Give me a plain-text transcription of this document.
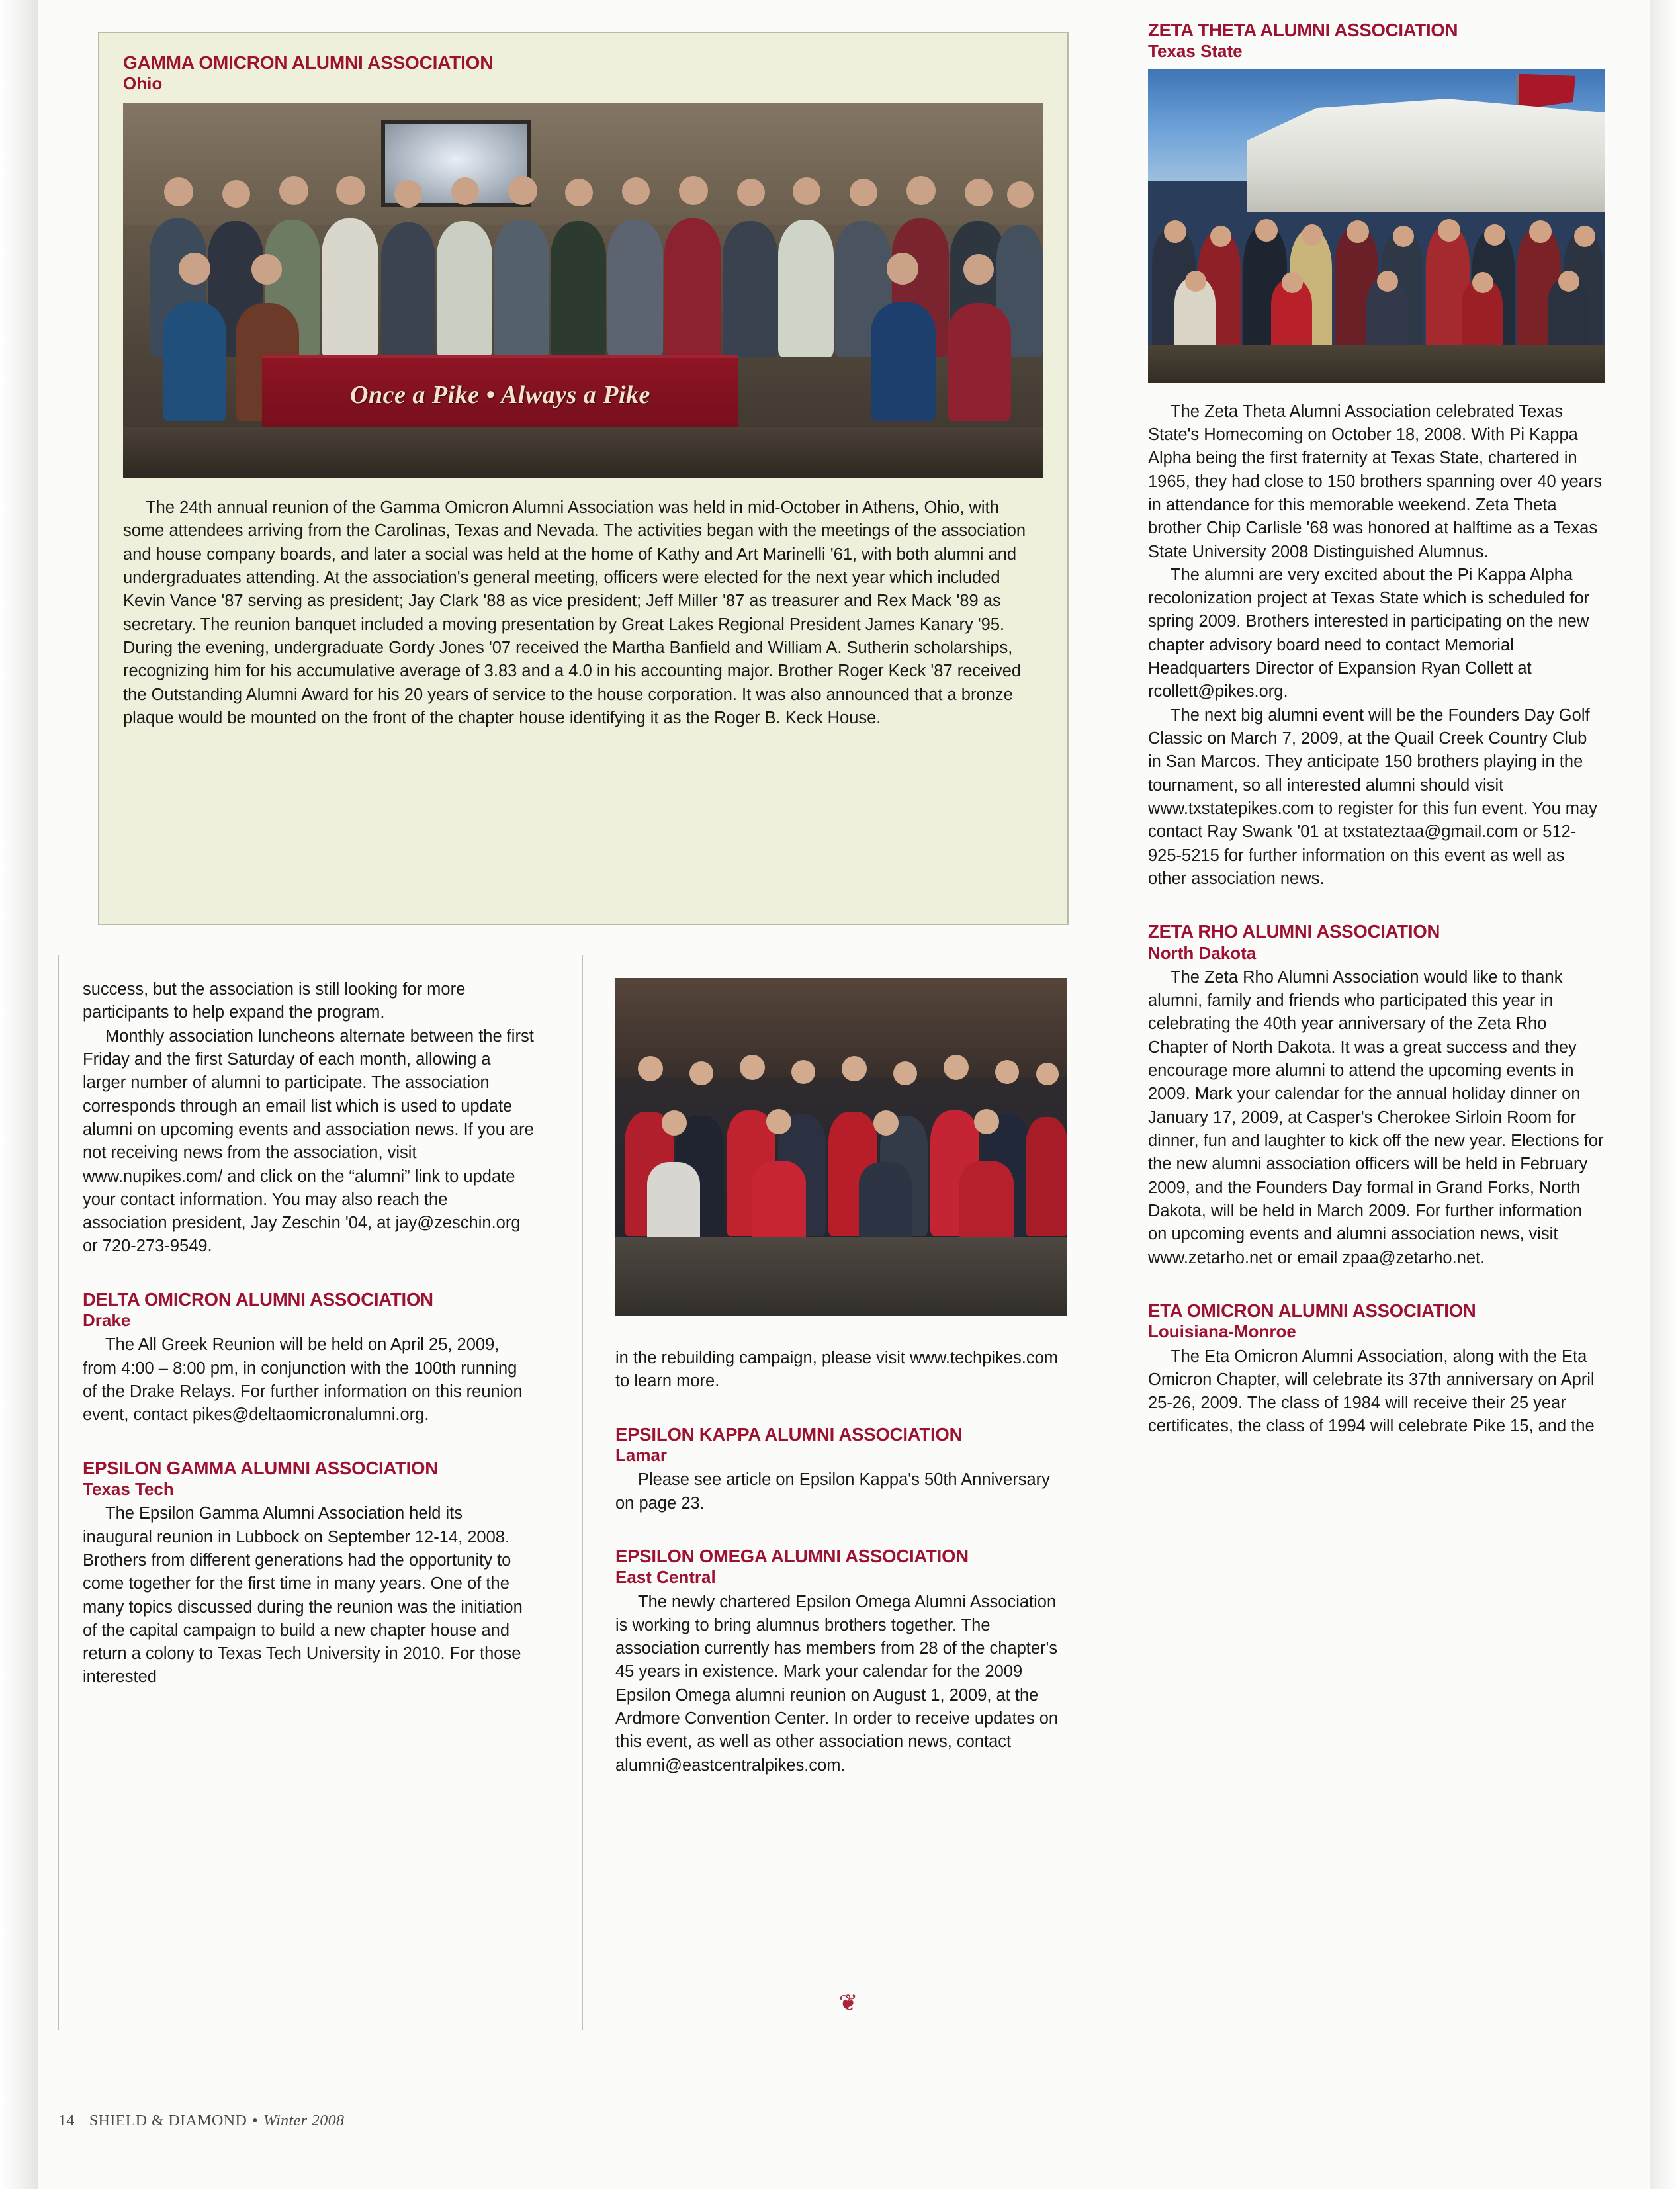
GAMMA OMICRON ALUMNI ASSOCIATION
Ohio
Once a Pike • Always a Pike

The 24th annual reunion of the Gamma Omicron Alumni Association was held in mid-October in Athens, Ohio, with some attendees arriving from the Carolinas, Texas and Nevada. The activities began with the meetings of the association and house company boards, and later a social was held at the home of Kathy and Art Marinelli '61, with both alumni and undergraduates attending. At the association's general meeting, officers were elected for the next year which included Kevin Vance '87 serving as president; Jay Clark '88 as vice president; Jeff Miller '87 as treasurer and Rex Mack '89 as secretary. The reunion banquet included a moving presentation by Great Lakes Regional President James Kanary '95. During the evening, undergraduate Gordy Jones '07 received the Martha Banfield and William A. Sutherin scholarships, recognizing him for his accumulative average of 3.83 and a 4.0 in his accounting major. Brother Roger Keck '87 received the Outstanding Alumni Award for his 20 years of service to the house corporation. It was also announced that a bronze plaque would be mounted on the front of the chapter house identifying it as the Roger B. Keck House.

success, but the association is still looking for more participants to help expand the program.

Monthly association luncheons alternate between the first Friday and the first Saturday of each month, allowing a larger number of alumni to participate. The association corresponds through an email list which is used to update alumni on upcoming events and association news. If you are not receiving news from the association, visit www.nupikes.com/ and click on the “alumni” link to update your contact information. You may also reach the association president, Jay Zeschin '04, at jay@zeschin.org or 720-273-9549.

DELTA OMICRON ALUMNI ASSOCIATION
Drake

The All Greek Reunion will be held on April 25, 2009, from 4:00 – 8:00 pm, in conjunction with the 100th running of the Drake Relays. For further information on this reunion event, contact pikes@deltaomicronalumni.org.

EPSILON GAMMA ALUMNI ASSOCIATION
Texas Tech

The Epsilon Gamma Alumni Association held its inaugural reunion in Lubbock on September 12-14, 2008. Brothers from different generations had the opportunity to come together for the first time in many years. One of the many topics discussed during the reunion was the initiation of the capital campaign to build a new chapter house and return a colony to Texas Tech University in 2010. For those interested

in the rebuilding campaign, please visit www.techpikes.com to learn more.

EPSILON KAPPA ALUMNI ASSOCIATION
Lamar

Please see article on Epsilon Kappa's 50th Anniversary on page 23.

EPSILON OMEGA ALUMNI ASSOCIATION
East Central

The newly chartered Epsilon Omega Alumni Association is working to bring alumnus brothers together. The association currently has members from 28 of the chapter's 45 years in existence. Mark your calendar for the 2009 Epsilon Omega alumni reunion on August 1, 2009, at the Ardmore Convention Center. In order to receive updates on this event, as well as other association news, contact alumni@eastcentralpikes.com.

ZETA THETA ALUMNI ASSOCIATION
Texas State

The Zeta Theta Alumni Association celebrated Texas State's Homecoming on October 18, 2008. With Pi Kappa Alpha being the first fraternity at Texas State, chartered in 1965, they had close to 150 brothers spanning over 40 years in attendance for this memorable weekend. Zeta Theta brother Chip Carlisle '68 was honored at halftime as a Texas State University 2008 Distinguished Alumnus.

The alumni are very excited about the Pi Kappa Alpha recolonization project at Texas State which is scheduled for spring 2009. Brothers interested in participating on the new chapter advisory board need to contact Memorial Headquarters Director of Expansion Ryan Collett at rcollett@pikes.org.

The next big alumni event will be the Founders Day Golf Classic on March 7, 2009, at the Quail Creek Country Club in San Marcos. They anticipate 150 brothers playing in the tournament, so all interested alumni should visit www.txstatepikes.com to register for this fun event. You may contact Ray Swank '01 at txstateztaa@gmail.com or 512-925-5215 for further information on this event as well as other association news.

ZETA RHO ALUMNI ASSOCIATION
North Dakota

The Zeta Rho Alumni Association would like to thank alumni, family and friends who participated this year in celebrating the 40th year anniversary of the Zeta Rho Chapter of North Dakota. It was a great success and they encourage more alumni to attend the upcoming events in 2009. Mark your calendar for the annual holiday dinner on January 17, 2009, at Casper's Cherokee Sirloin Room for dinner, fun and laughter to kick off the new year. Elections for the new alumni association officers will be held in February 2009, and the Founders Day formal in Grand Forks, North Dakota, will be held in March 2009. For further information on upcoming events and alumni association news, visit www.zetarho.net or email zpaa@zetarho.net.

ETA OMICRON ALUMNI ASSOCIATION
Louisiana-Monroe

The Eta Omicron Alumni Association, along with the Eta Omicron Chapter, will celebrate its 37th anniversary on April 25-26, 2009. The class of 1984 will receive their 25 year certificates, the class of 1994 will celebrate Pike 15, and the

❦
14 SHIELD & DIAMOND • Winter 2008
